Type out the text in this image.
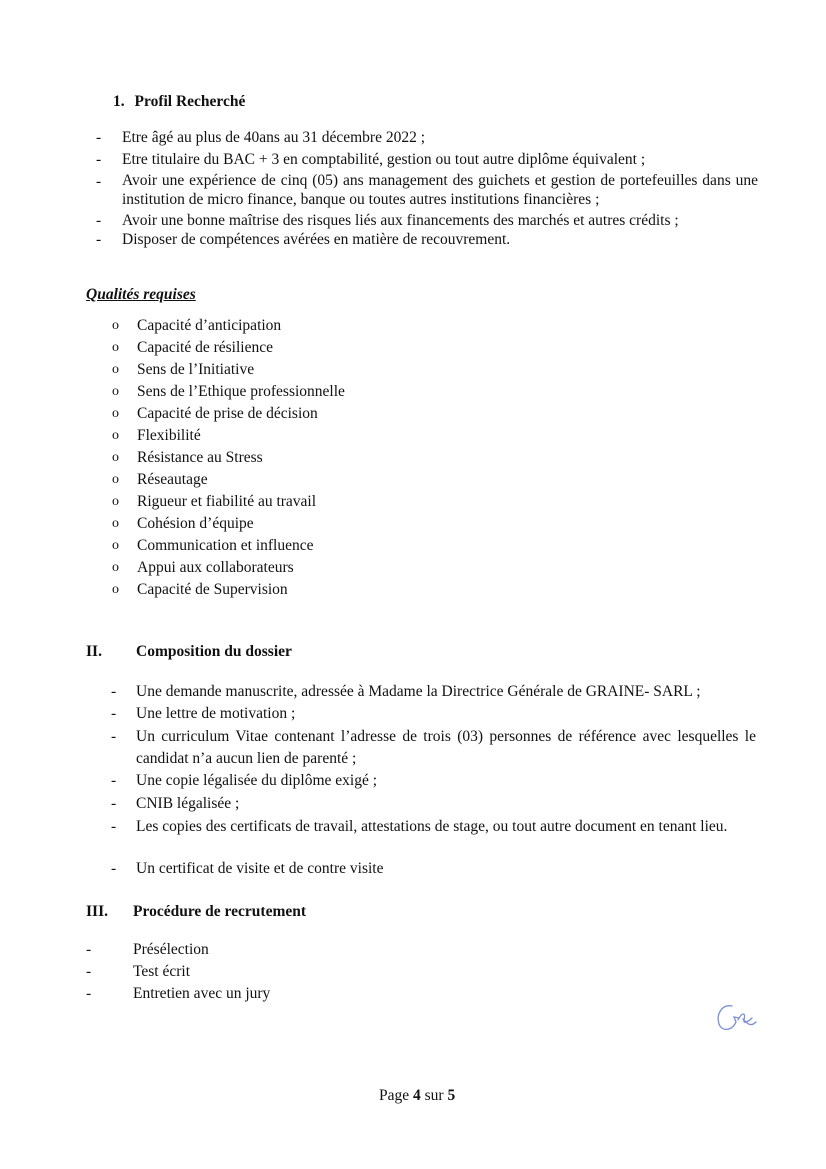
1. Profil Recherché
- Etre âgé au plus de 40ans au 31 décembre 2022 ;
- Etre titulaire du BAC + 3 en comptabilité, gestion ou tout autre diplôme équivalent ;
- Avoir une expérience de cinq (05) ans management des guichets et gestion de portefeuilles dans une institution de micro finance, banque ou toutes autres institutions financières ;
- Avoir une bonne maîtrise des risques liés aux financements des marchés et autres crédits ;
- Disposer de compétences avérées en matière de recouvrement.
Qualités requises
o Capacité d’anticipation
o Capacité de résilience
o Sens de l’Initiative
o Sens de l’Ethique professionnelle
o Capacité de prise de décision
o Flexibilité
o Résistance au Stress
o Réseautage
o Rigueur et fiabilité au travail
o Cohésion d’équipe
o Communication et influence
o Appui aux collaborateurs
o Capacité de Supervision
II. Composition du dossier
- Une demande manuscrite, adressée à Madame la Directrice Générale de GRAINE- SARL ;
- Une lettre de motivation ;
- Un curriculum Vitae contenant l’adresse de trois (03) personnes de référence avec lesquelles le candidat n’a aucun lien de parenté ;
- Une copie légalisée du diplôme exigé ;
- CNIB légalisée ;
- Les copies des certificats de travail, attestations de stage, ou tout autre document en tenant lieu.
- Un certificat de visite et de contre visite
III. Procédure de recrutement
-	Présélection
-	Test écrit
-	Entretien avec un jury
Page 4 sur 5
